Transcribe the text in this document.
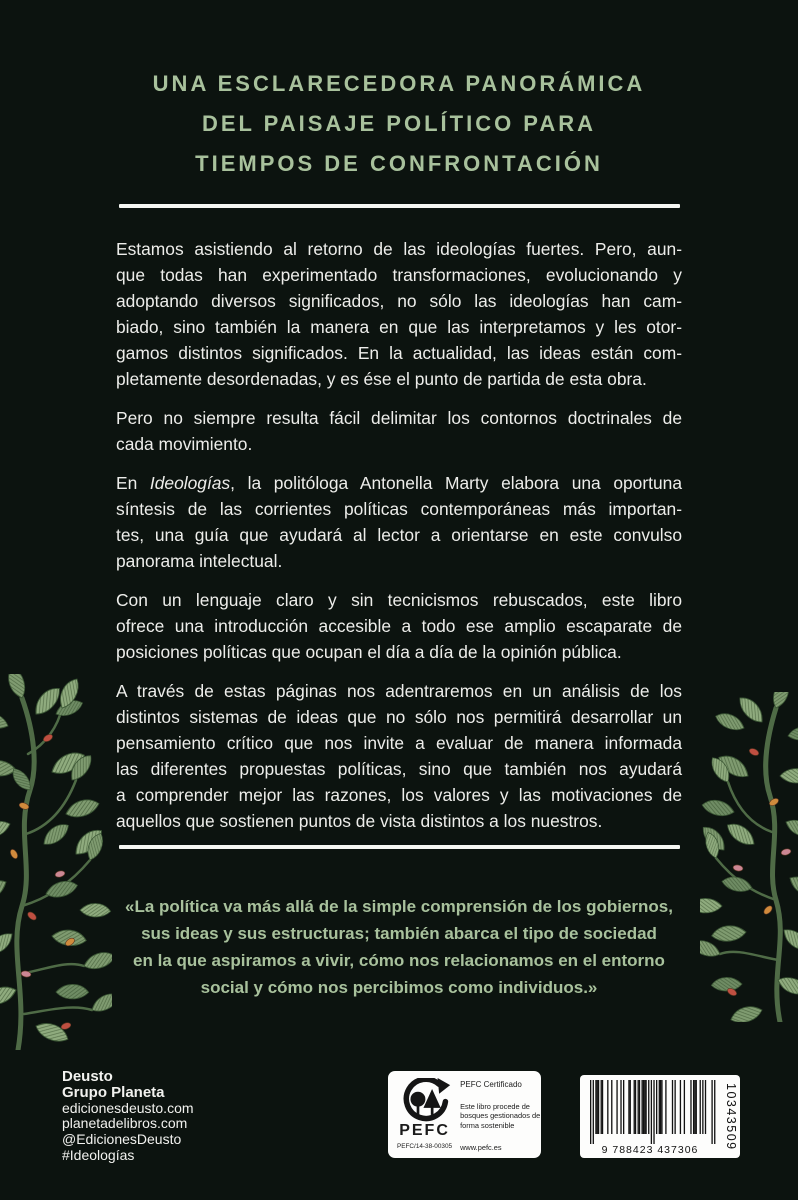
UNA ESCLARECEDORA PANORÁMICA
DEL PAISAJE POLÍTICO PARA
TIEMPOS DE CONFRONTACIÓN
Estamos asistiendo al retorno de las ideologías fuertes. Pero, aun-
que todas han experimentado transformaciones, evolucionando y
adoptando diversos significados, no sólo las ideologías han cam-
biado, sino también la manera en que las interpretamos y les otor-
gamos distintos significados. En la actualidad, las ideas están com-
pletamente desordenadas, y es ése el punto de partida de esta obra.
Pero no siempre resulta fácil delimitar los contornos doctrinales de
cada movimiento.
En Ideologías, la politóloga Antonella Marty elabora una oportuna
síntesis de las corrientes políticas contemporáneas más importan-
tes, una guía que ayudará al lector a orientarse en este convulso
panorama intelectual.
Con un lenguaje claro y sin tecnicismos rebuscados, este libro
ofrece una introducción accesible a todo ese amplio escaparate de
posiciones políticas que ocupan el día a día de la opinión pública.
A través de estas páginas nos adentraremos en un análisis de los
distintos sistemas de ideas que no sólo nos permitirá desarrollar un
pensamiento crítico que nos invite a evaluar de manera informada
las diferentes propuestas políticas, sino que también nos ayudará
a comprender mejor las razones, los valores y las motivaciones de
aquellos que sostienen puntos de vista distintos a los nuestros.
«La política va más allá de la simple comprensión de los gobiernos,
sus ideas y sus estructuras; también abarca el tipo de sociedad
en la que aspiramos a vivir, cómo nos relacionamos en el entorno
social y cómo nos percibimos como individuos.»
Deusto
Grupo Planeta
edicionesdeusto.com
planetadelibros.com
@EdicionesDeusto
#Ideologías
PEFC
PEFC/14-38-00305
PEFC Certificado
Este libro procede de bosques gestionados de forma sostenible
www.pefc.es	9 788423 437306	10343509
